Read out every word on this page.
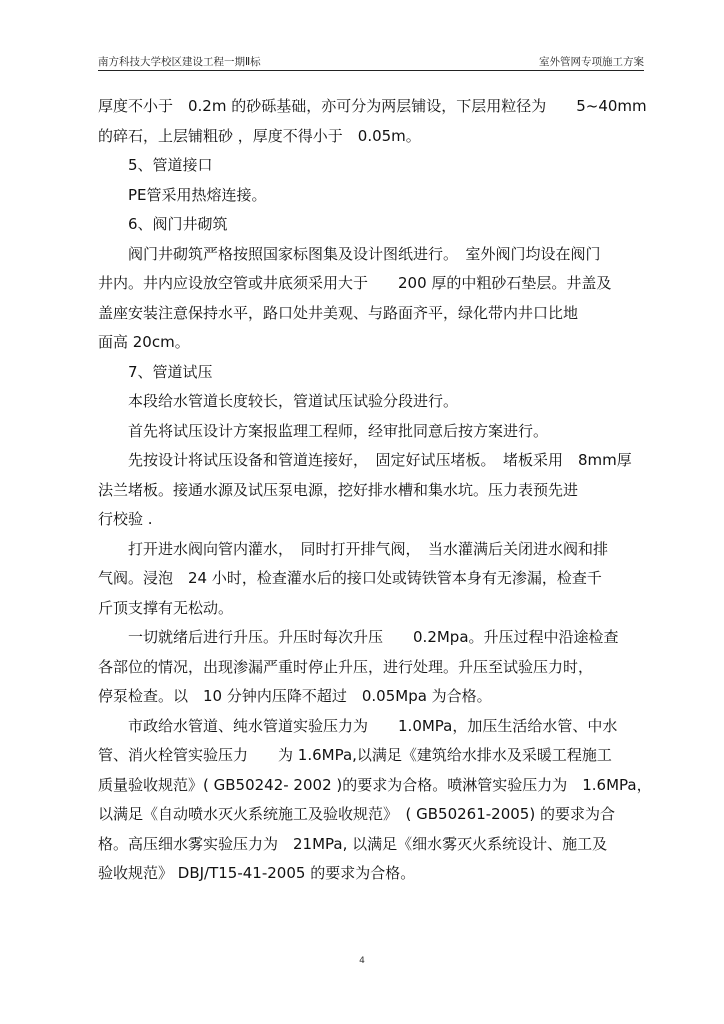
南方科技大学校区建设工程一期Ⅱ标	室外管网专项施工方案
厚度不小于　0.2m 的砂砾基础，亦可分为两层铺设，下层用粒径为　　5~40mm
的碎石，上层铺粗砂 ，厚度不得小于　0.05m。
5、管道接口
PE管采用热熔连接。
6、阀门井砌筑
阀门井砌筑严格按照国家标图集及设计图纸进行。　室外阀门均设在阀门
井内。井内应设放空管或井底须采用大于　　200 厚的中粗砂石垫层。井盖及
盖座安装注意保持水平，路口处井美观、与路面齐平，绿化带内井口比地
面高 20cm。
7、管道试压
本段给水管道长度较长，管道试压试验分段进行。
首先将试压设计方案报监理工程师，经审批同意后按方案进行。
先按设计将试压设备和管道连接好，　固定好试压堵板。　堵板采用　8mm厚
法兰堵板。接通水源及试压泵电源，挖好排水槽和集水坑。压力表预先进
行校验 .
打开进水阀向管内灌水，　同时打开排气阀，　当水灌满后关闭进水阀和排
气阀。浸泡　24 小时，检查灌水后的接口处或铸铁管本身有无渗漏，检查千
斤顶支撑有无松动。
一切就绪后进行升压。升压时每次升压　　0.2Mpa。升压过程中沿途检查
各部位的情况，出现渗漏严重时停止升压，进行处理。升压至试验压力时，
停泵检查。以　10 分钟内压降不超过　0.05Mpa 为合格。
市政给水管道、纯水管道实验压力为　　1.0MPa，加压生活给水管、中水
管、消火栓管实验压力　　为 1.6MPa,以满足《建筑给水排水及采暖工程施工
质量验收规范》( GB50242- 2002 )的要求为合格。喷淋管实验压力为　1.6MPa，
以满足《自动喷水灭火系统施工及验收规范》　( GB50261-2005) 的要求为合
格。高压细水雾实验压力为　21MPa, 以满足《细水雾灭火系统设计、施工及
验收规范》 DBJ/T15-41-2005 的要求为合格。
4
